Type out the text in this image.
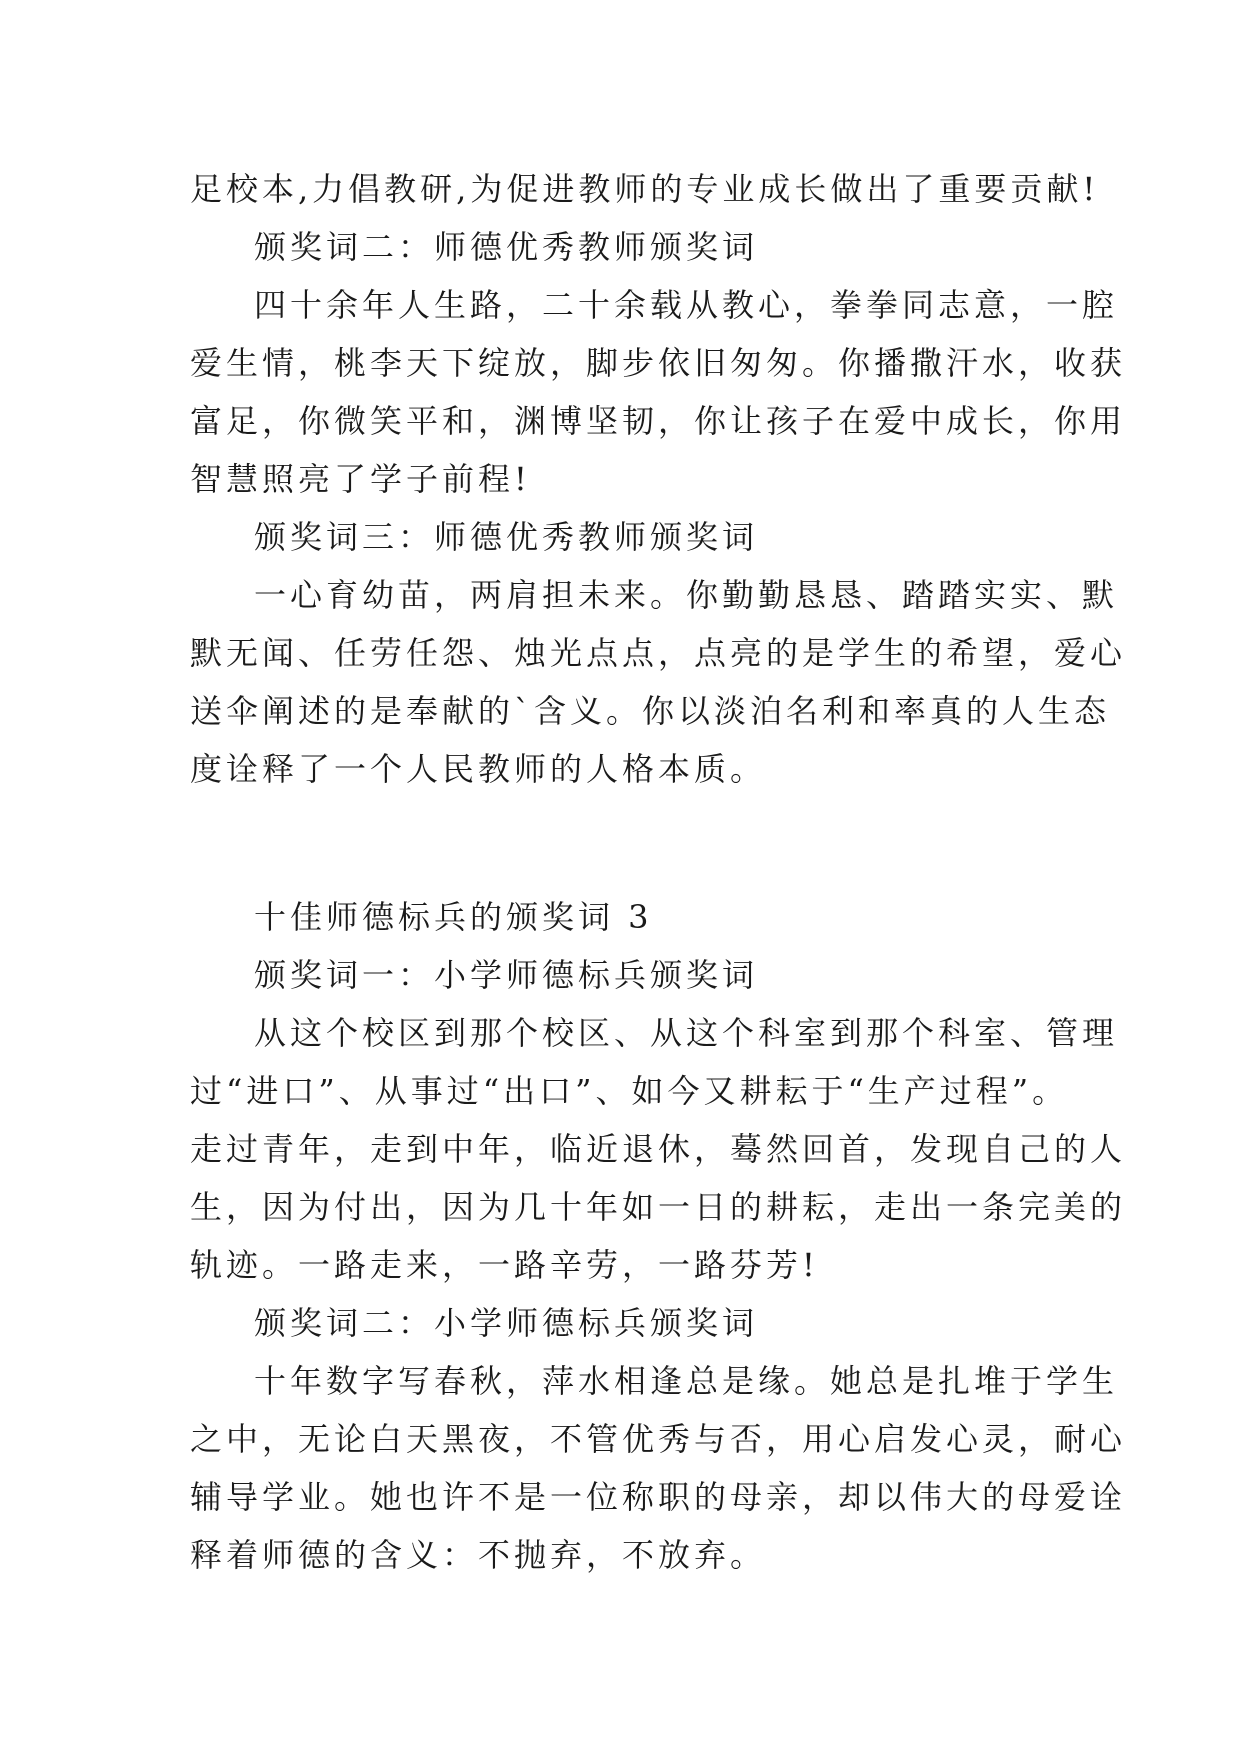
足校本,力倡教研,为促进教师的专业成长做出了重要贡献!
颁奖词二：师德优秀教师颁奖词
四十余年人生路，二十余载从教心，拳拳同志意，一腔
爱生情，桃李天下绽放，脚步依旧匆匆。你播撒汗水，收获
富足，你微笑平和，渊博坚韧，你让孩子在爱中成长，你用
智慧照亮了学子前程!
颁奖词三：师德优秀教师颁奖词
一心育幼苗，两肩担未来。你勤勤恳恳、踏踏实实、默
默无闻、任劳任怨、烛光点点，点亮的是学生的希望，爱心
送伞阐述的是奉献的`含义。你以淡泊名利和率真的人生态
度诠释了一个人民教师的人格本质。
十佳师德标兵的颁奖词 3
颁奖词一：小学师德标兵颁奖词
从这个校区到那个校区、从这个科室到那个科室、管理
过“进口”、从事过“出口”、如今又耕耘于“生产过程”。
走过青年，走到中年，临近退休，蓦然回首，发现自己的人
生，因为付出，因为几十年如一日的耕耘，走出一条完美的
轨迹。一路走来，一路辛劳，一路芬芳!
颁奖词二：小学师德标兵颁奖词
十年数字写春秋，萍水相逢总是缘。她总是扎堆于学生
之中，无论白天黑夜，不管优秀与否，用心启发心灵，耐心
辅导学业。她也许不是一位称职的母亲，却以伟大的母爱诠
释着师德的含义：不抛弃，不放弃。
